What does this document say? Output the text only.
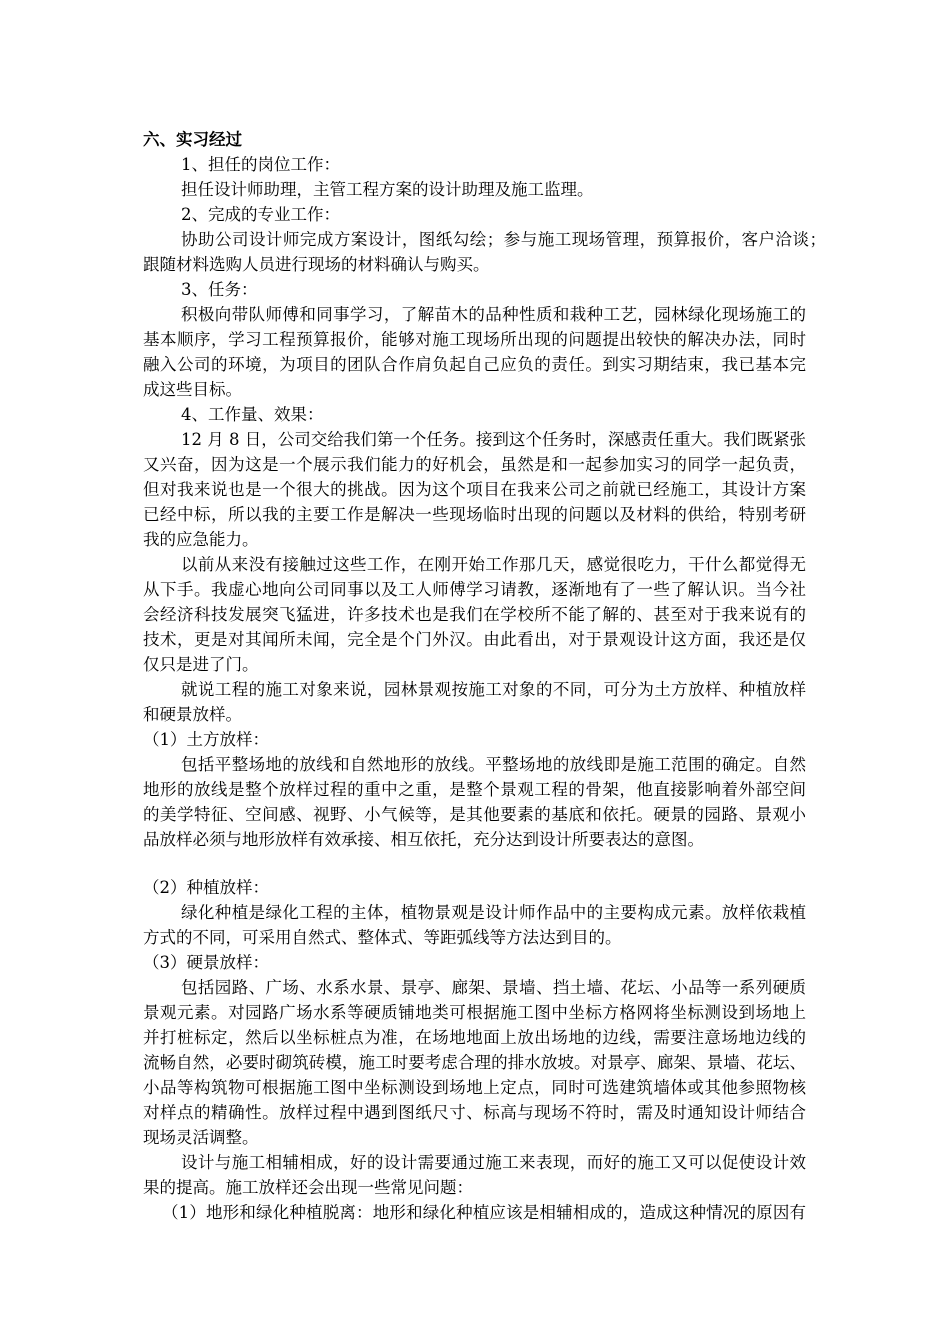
六、实习经过
1、担任的岗位工作：
担任设计师助理，主管工程方案的设计助理及施工监理。
2、完成的专业工作：
协助公司设计师完成方案设计，图纸勾绘；参与施工现场管理，预算报价，客户洽谈；
跟随材料选购人员进行现场的材料确认与购买。
3、任务：
积极向带队师傅和同事学习，了解苗木的品种性质和栽种工艺，园林绿化现场施工的
基本顺序，学习工程预算报价，能够对施工现场所出现的问题提出较快的解决办法，同时
融入公司的环境，为项目的团队合作肩负起自己应负的责任。到实习期结束，我已基本完
成这些目标。
4、工作量、效果：
12 月 8 日，公司交给我们第一个任务。接到这个任务时，深感责任重大。我们既紧张
又兴奋，因为这是一个展示我们能力的好机会，虽然是和一起参加实习的同学一起负责，
但对我来说也是一个很大的挑战。因为这个项目在我来公司之前就已经施工，其设计方案
已经中标，所以我的主要工作是解决一些现场临时出现的问题以及材料的供给，特别考研
我的应急能力。
以前从来没有接触过这些工作，在刚开始工作那几天，感觉很吃力，干什么都觉得无
从下手。我虚心地向公司同事以及工人师傅学习请教，逐渐地有了一些了解认识。当今社
会经济科技发展突飞猛进，许多技术也是我们在学校所不能了解的、甚至对于我来说有的
技术，更是对其闻所未闻，完全是个门外汉。由此看出，对于景观设计这方面，我还是仅
仅只是进了门。
就说工程的施工对象来说，园林景观按施工对象的不同，可分为土方放样、种植放样
和硬景放样。
（1）土方放样：
包括平整场地的放线和自然地形的放线。平整场地的放线即是施工范围的确定。自然
地形的放线是整个放样过程的重中之重，是整个景观工程的骨架，他直接影响着外部空间
的美学特征、空间感、视野、小气候等，是其他要素的基底和依托。硬景的园路、景观小
品放样必须与地形放样有效承接、相互依托，充分达到设计所要表达的意图。
（2）种植放样：
绿化种植是绿化工程的主体，植物景观是设计师作品中的主要构成元素。放样依栽植
方式的不同，可采用自然式、整体式、等距弧线等方法达到目的。
（3）硬景放样：
包括园路、广场、水系水景、景亭、廊架、景墙、挡土墙、花坛、小品等一系列硬质
景观元素。对园路广场水系等硬质铺地类可根据施工图中坐标方格网将坐标测设到场地上
并打桩标定，然后以坐标桩点为准，在场地地面上放出场地的边线，需要注意场地边线的
流畅自然，必要时砌筑砖模，施工时要考虑合理的排水放坡。对景亭、廊架、景墙、花坛、
小品等构筑物可根据施工图中坐标测设到场地上定点，同时可选建筑墙体或其他参照物核
对样点的精确性。放样过程中遇到图纸尺寸、标高与现场不符时，需及时通知设计师结合
现场灵活调整。
设计与施工相辅相成，好的设计需要通过施工来表现，而好的施工又可以促使设计效
果的提高。施工放样还会出现一些常见问题：
（1）地形和绿化种植脱离：地形和绿化种植应该是相辅相成的，造成这种情况的原因有
